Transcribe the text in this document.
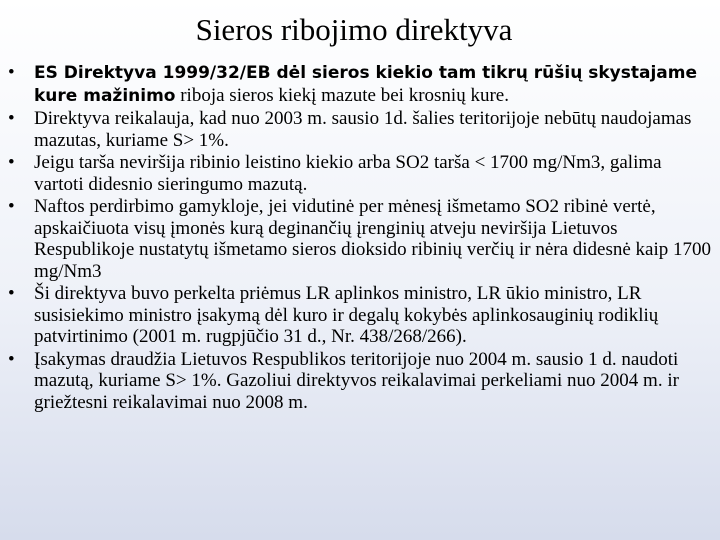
Sieros ribojimo direktyva
• ES Direktyva 1999/32/EB dėl sieros kiekio tam tikrų rūšių skystajame kure mažinimo riboja sieros kiekį mazute bei krosnių kure.
• Direktyva reikalauja, kad nuo 2003 m. sausio 1d. šalies teritorijoje nebūtų naudojamas mazutas, kuriame S> 1%.
• Jeigu tarša neviršija ribinio leistino kiekio arba SO2 tarša < 1700 mg/Nm3, galima vartoti didesnio sieringumo mazutą.
• Naftos perdirbimo gamykloje, jei vidutinė per mėnesį išmetamo SO2 ribinė vertė, apskaičiuota visų įmonės kurą deginančių įrenginių atveju neviršija Lietuvos Respublikoje nustatytų išmetamo sieros dioksido ribinių verčių ir nėra didesnė kaip 1700 mg/Nm3
• Ši direktyva buvo perkelta priėmus LR aplinkos ministro, LR ūkio ministro, LR susisiekimo ministro įsakymą dėl kuro ir degalų kokybės aplinkosauginių rodiklių patvirtinimo (2001 m. rugpjūčio 31 d., Nr. 438/268/266).
• Įsakymas draudžia Lietuvos Respublikos teritorijoje nuo 2004 m. sausio 1 d. naudoti mazutą, kuriame S> 1%. Gazoliui direktyvos reikalavimai perkeliami nuo 2004 m. ir griežtesni reikalavimai nuo 2008 m.
